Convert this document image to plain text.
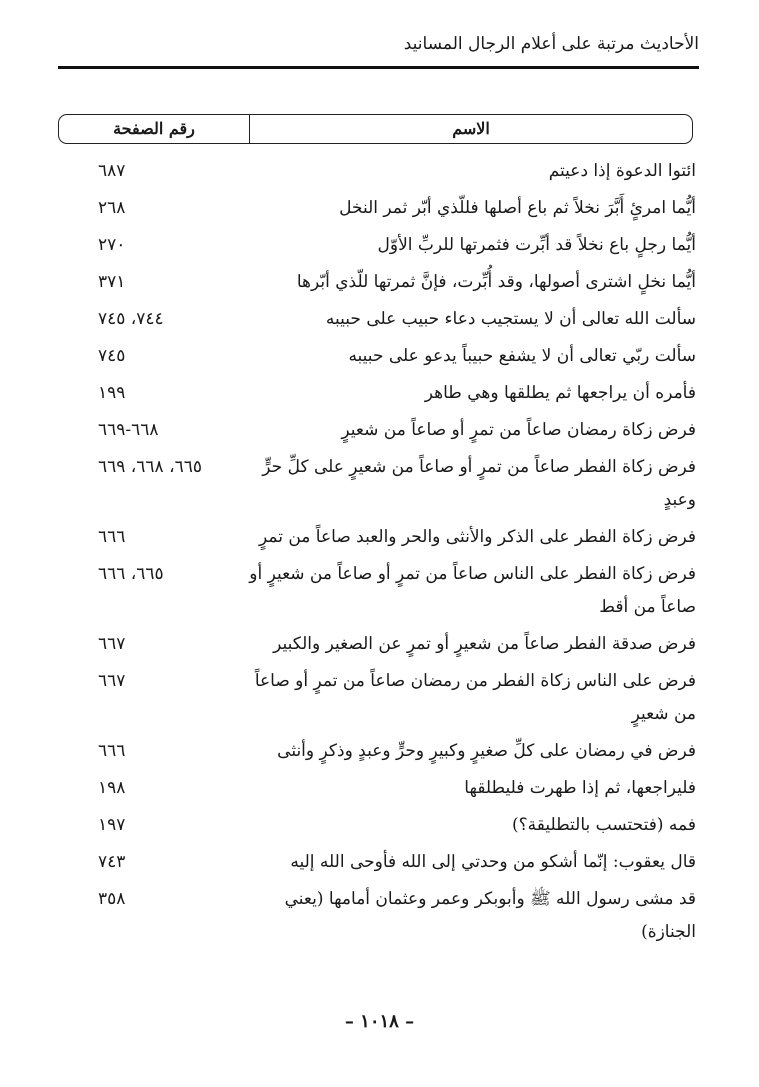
الأحاديث مرتبة على أعلام الرجال المسانيد
الاسم
رقم الصفحة
ائتوا الدعوة إذا دعيتم
٦٨٧
أيُّما امرئٍ أَبَّرَ نخلاً ثم باع أصلها فللّذي أبّر ثمر النخل
٢٦٨
أيُّما رجلٍ باع نخلاً قد أبِّرت فثمرتها للربِّ الأوّل
٢٧٠
أيُّما نخلٍ اشترى أصولها، وقد أُبِّرت، فإنَّ ثمرتها للّذي أبّرها
٣٧١
سألت الله تعالى أن لا يستجيب دعاء حبيب على حبيبه
٧٤٤، ٧٤٥
سألت ربّي تعالى أن لا يشفع حبيباً يدعو على حبيبه
٧٤٥
فأمره أن يراجعها ثم يطلقها وهي طاهر
١٩٩
فرض زكاة رمضان صاعاً من تمرٍ أو صاعاً من شعيرٍ
٦٦٨-٦٦٩
فرض زكاة الفطر صاعاً من تمرٍ أو صاعاً من شعيرٍ على كلِّ حرٍّ وعبدٍ
٦٦٥، ٦٦٨، ٦٦٩
فرض زكاة الفطر على الذكر والأنثى والحر والعبد صاعاً من تمرٍ
٦٦٦
فرض زكاة الفطر على الناس صاعاً من تمرٍ أو صاعاً من شعيرٍ أو صاعاً من أقط
٦٦٥، ٦٦٦
فرض صدقة الفطر صاعاً من شعيرٍ أو تمرٍ عن الصغير والكبير
٦٦٧
فرض على الناس زكاة الفطر من رمضان صاعاً من تمرٍ أو صاعاً من شعيرٍ
٦٦٧
فرض في رمضان على كلِّ صغيرٍ وكبيرٍ وحرٍّ وعبدٍ وذكرٍ وأنثى
٦٦٦
فليراجعها، ثم إذا طهرت فليطلقها
١٩٨
فمه (فتحتسب بالتطليقة؟)
١٩٧
قال يعقوب: إنّما أشكو من وحدتي إلى الله فأوحى الله إليه
٧٤٣
قد مشى رسول الله ﷺ وأبوبكر وعمر وعثمان أمامها (يعني الجنازة)
٣٥٨
– ١٠١٨ –
